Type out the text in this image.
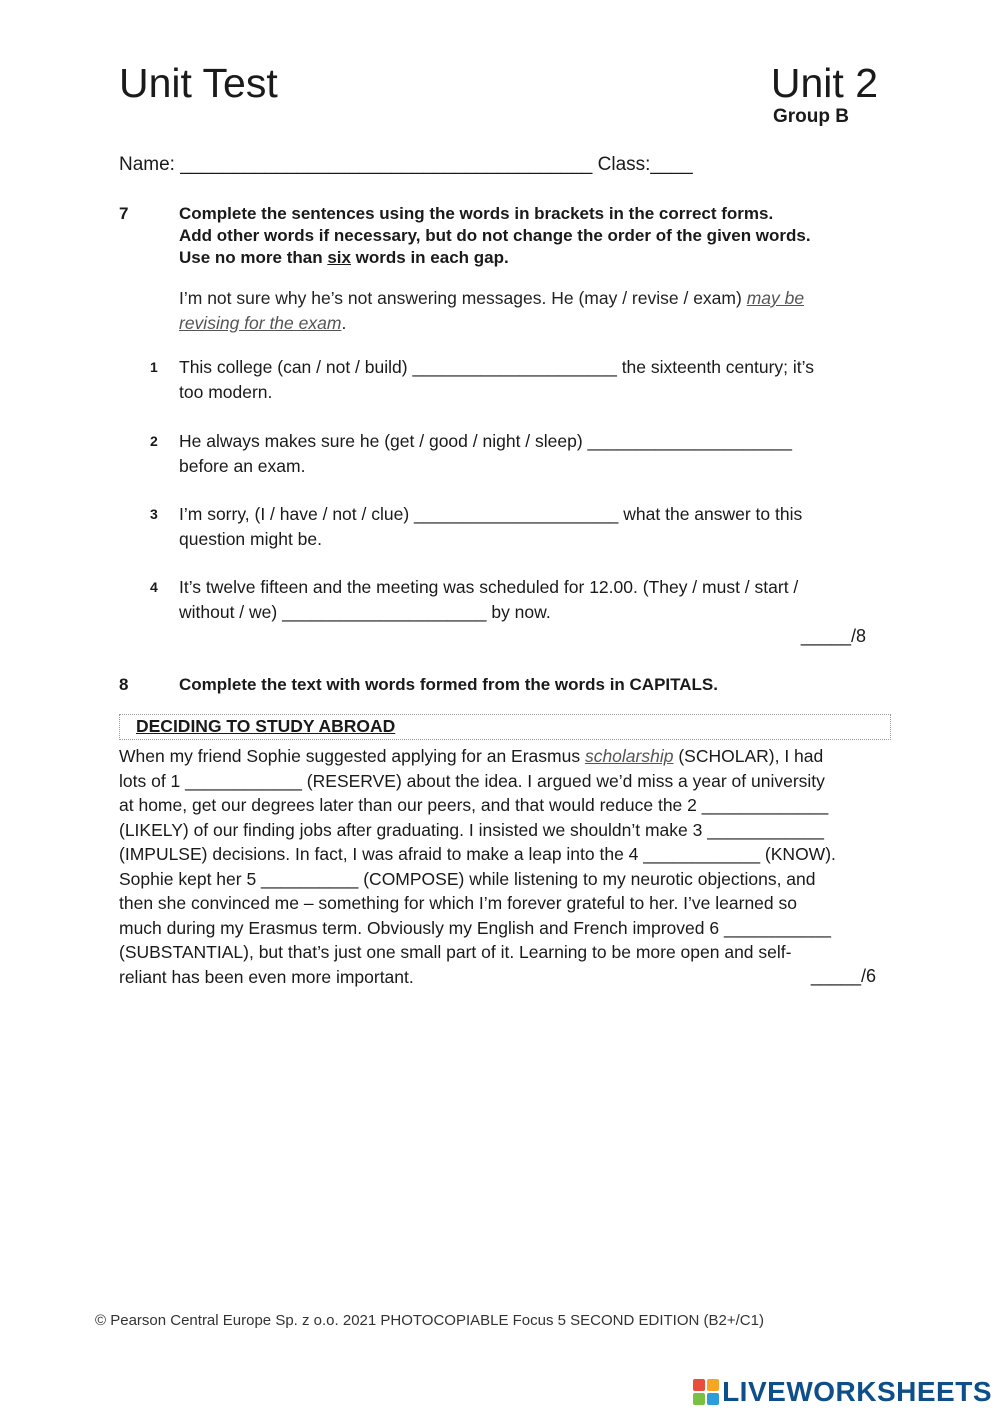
Unit Test	Unit 2
Group B
Name: _______________________________________ Class:____
7	Complete the sentences using the words in brackets in the correct forms.
Add other words if necessary, but do not change the order of the given words.
Use no more than six words in each gap.
I’m not sure why he’s not answering messages. He (may / revise / exam) may be
revising for the exam.
1 This college (can / not / build) _____________________ the sixteenth century; it’s
too modern.
2 He always makes sure he (get / good / night / sleep) _____________________
before an exam.
3 I’m sorry, (I / have / not / clue) _____________________ what the answer to this
question might be.
4 It’s twelve fifteen and the meeting was scheduled for 12.00. (They / must / start /
without / we) _____________________ by now.
_____/8
8	Complete the text with words formed from the words in CAPITALS.
DECIDING TO STUDY ABROAD
When my friend Sophie suggested applying for an Erasmus scholarship (SCHOLAR), I had
lots of 1 ____________ (RESERVE) about the idea. I argued we’d miss a year of university
at home, get our degrees later than our peers, and that would reduce the 2 _____________
(LIKELY) of our finding jobs after graduating. I insisted we shouldn’t make 3 ____________
(IMPULSE) decisions. In fact, I was afraid to make a leap into the 4 ____________ (KNOW).
Sophie kept her 5 __________ (COMPOSE) while listening to my neurotic objections, and
then she convinced me – something for which I’m forever grateful to her. I’ve learned so
much during my Erasmus term. Obviously my English and French improved 6 ___________
(SUBSTANTIAL), but that’s just one small part of it. Learning to be more open and self-
reliant has been even more important.	_____/6
© Pearson Central Europe Sp. z o.o. 2021 PHOTOCOPIABLE Focus 5 SECOND EDITION (B2+/C1)
LIVEWORKSHEETS
